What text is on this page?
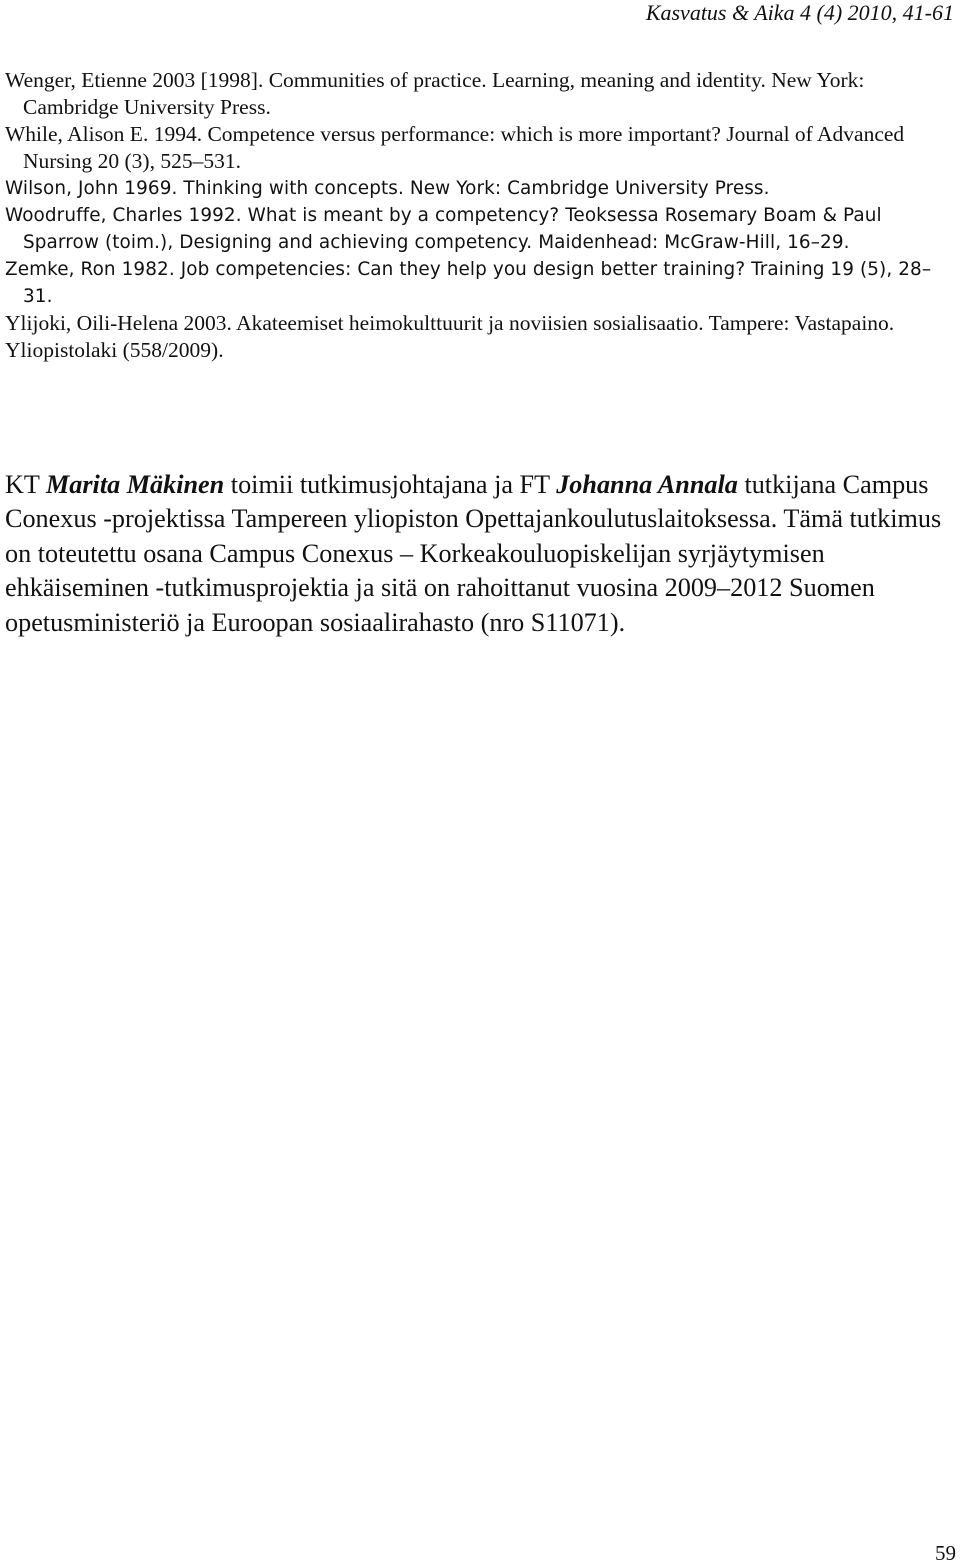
Kasvatus & Aika 4 (4) 2010, 41-61
Wenger, Etienne 2003 [1998]. Communities of practice. Learning, meaning and identity. New York: Cambridge University Press.
While, Alison E. 1994. Competence versus performance: which is more important? Journal of Advanced Nursing 20 (3), 525–531.
Wilson, John 1969. Thinking with concepts. New York: Cambridge University Press.
Woodruffe, Charles 1992. What is meant by a competency? Teoksessa Rosemary Boam & Paul Sparrow (toim.), Designing and achieving competency. Maidenhead: McGraw-Hill, 16–29.
Zemke, Ron 1982. Job competencies: Can they help you design better training? Training 19 (5), 28–31.
Ylijoki, Oili-Helena 2003. Akateemiset heimokulttuurit ja noviisien sosialisaatio. Tampere: Vastapaino.
Yliopistolaki (558/2009).

KT Marita Mäkinen toimii tutkimusjohtajana ja FT Johanna Annala tutkijana Campus Conexus -projektissa Tampereen yliopiston Opettajankoulutuslaitoksessa. Tämä tutkimus on toteutettu osana Campus Conexus – Korkeakouluopiskelijan syrjäytymisen ehkäiseminen -tutkimusprojektia ja sitä on rahoittanut vuosina 2009–2012 Suomen opetusministeriö ja Euroopan sosiaalirahasto (nro S11071).

59
